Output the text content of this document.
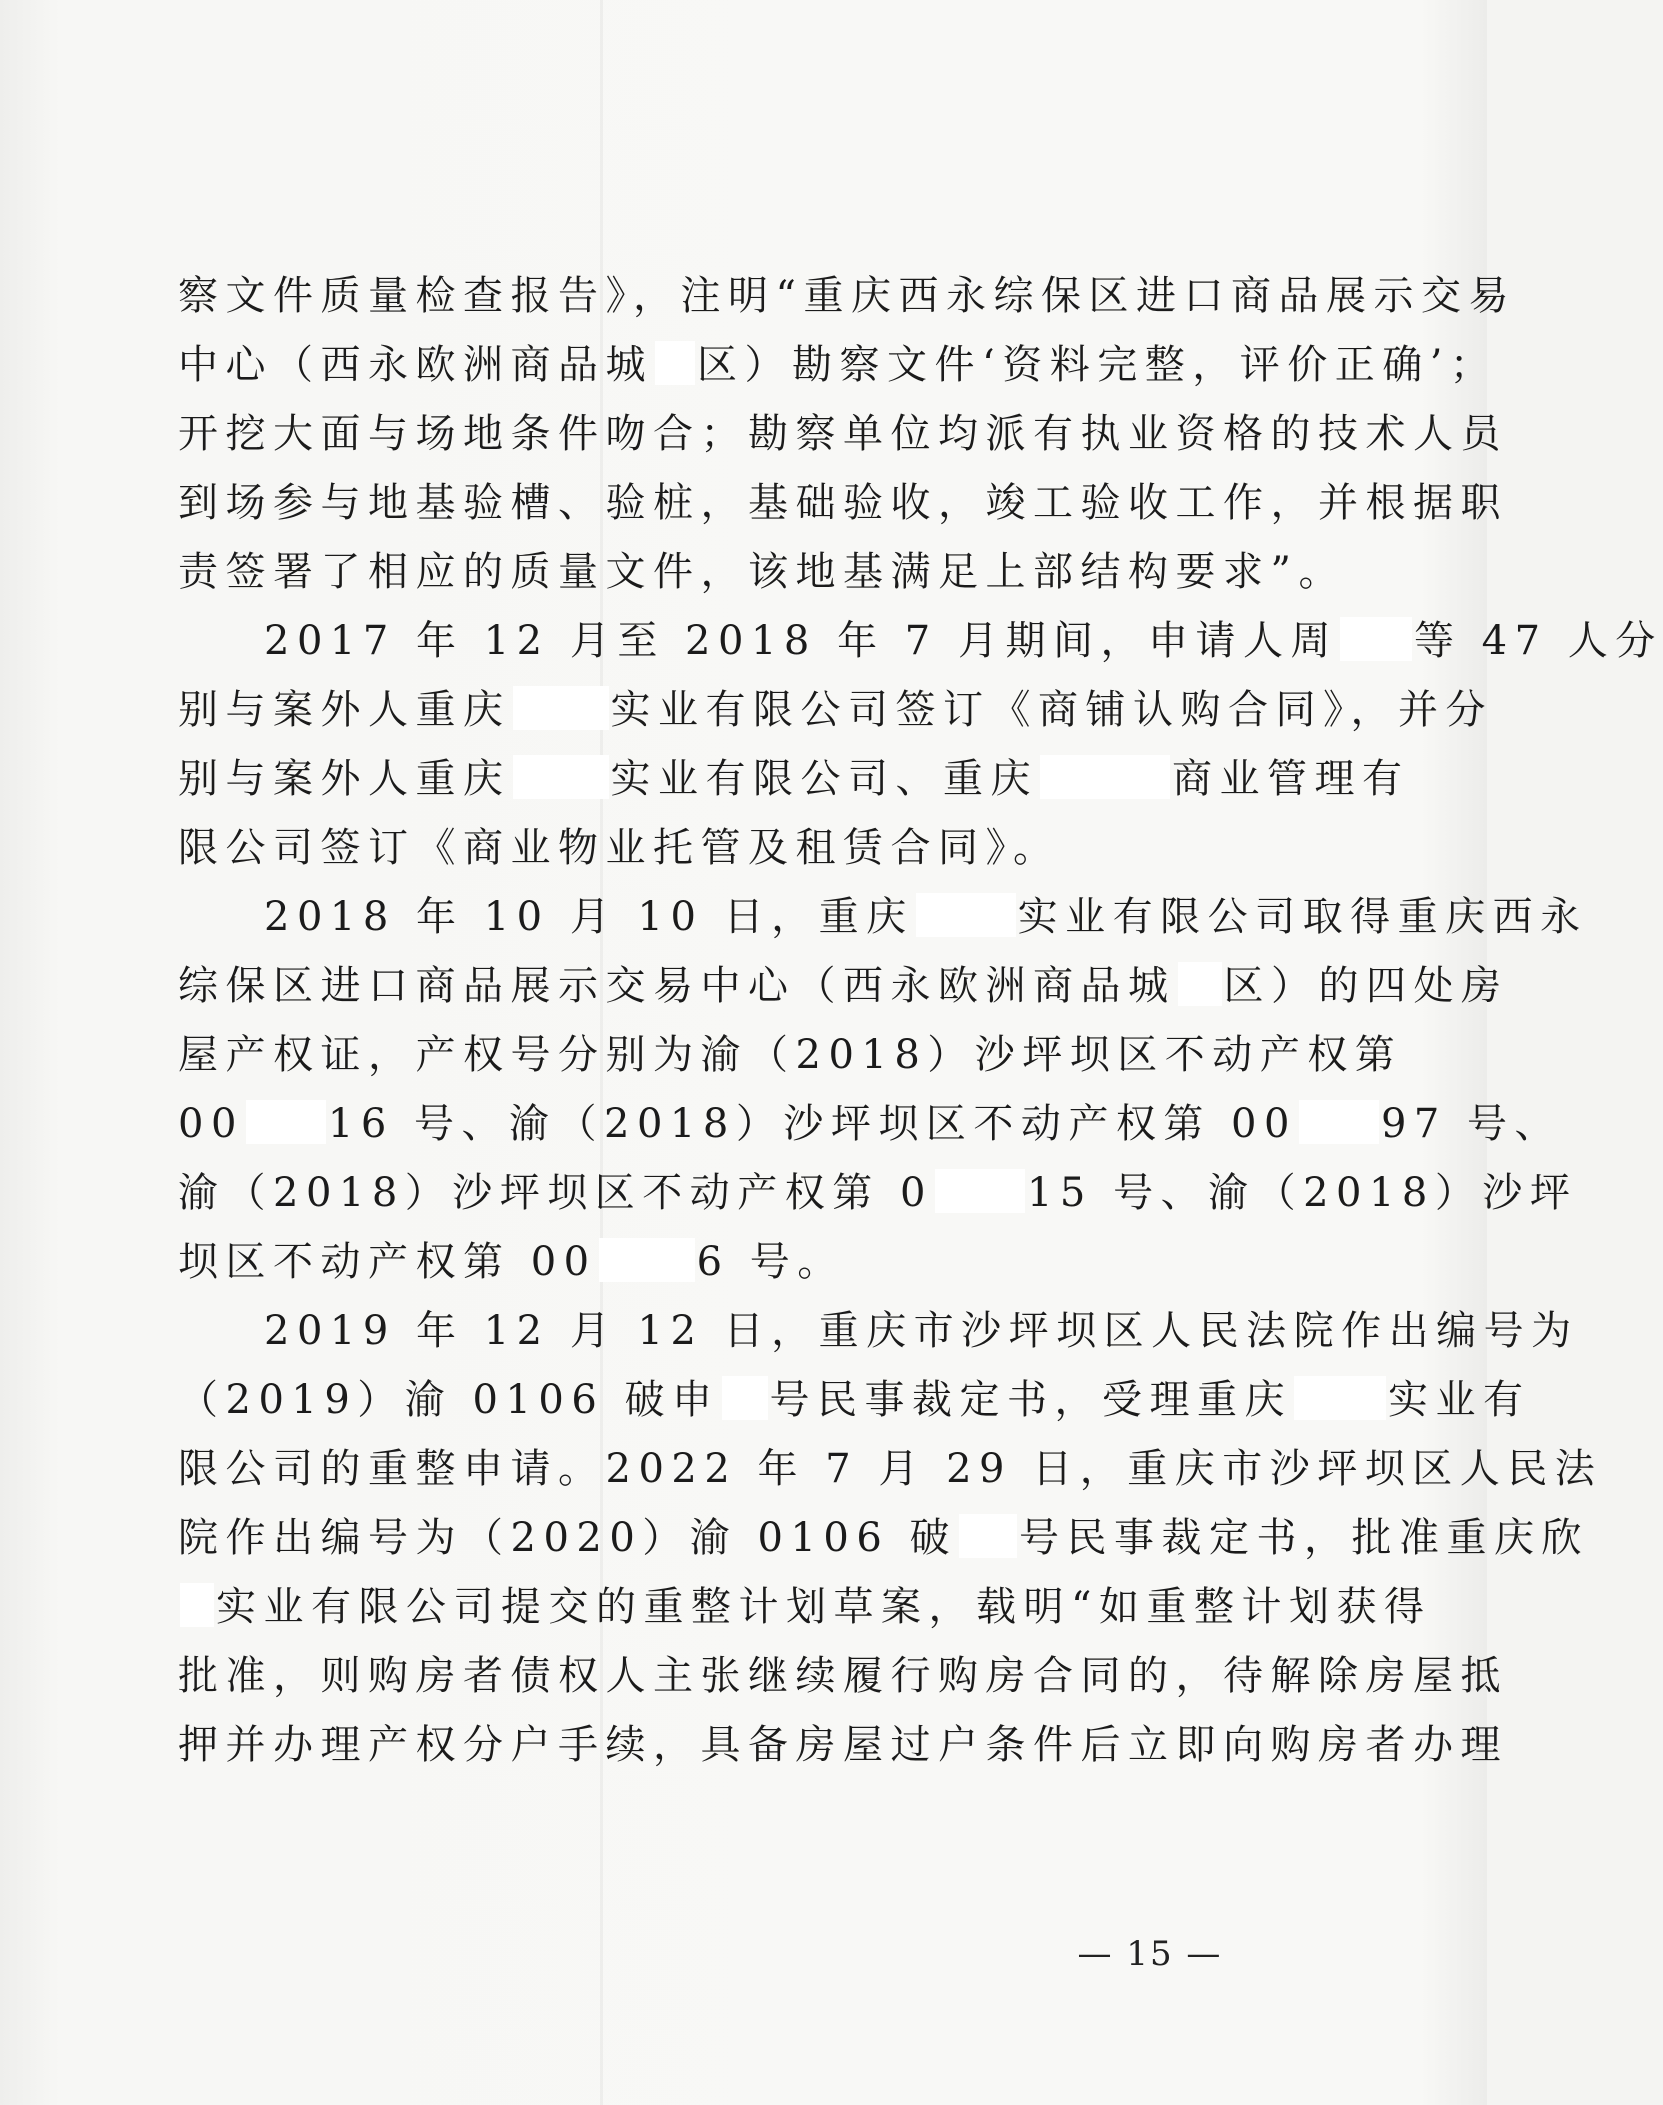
察文件质量检查报告》，注明“重庆西永综保区进口商品展示交易
中心（西永欧洲商品城 区）勘察文件‘资料完整，评价正确’；
开挖大面与场地条件吻合；勘察单位均派有执业资格的技术人员
到场参与地基验槽、验桩，基础验收，竣工验收工作，并根据职
责签署了相应的质量文件，该地基满足上部结构要求”。
2017 年 12 月至 2018 年 7 月期间，申请人周 等 47 人分
别与案外人重庆	实业有限公司签订《商铺认购合同》，并分
别与案外人重庆	实业有限公司、重庆	商业管理有
限公司签订《商业物业托管及租赁合同》。
2018 年 10 月 10 日，重庆	实业有限公司取得重庆西永
综保区进口商品展示交易中心（西永欧洲商品城 区）的四处房
屋产权证，产权号分别为渝（2018）沙坪坝区不动产权第
00 16 号、渝（2018）沙坪坝区不动产权第 00 97 号、
渝（2018）沙坪坝区不动产权第 0 15 号、渝（2018）沙坪
坝区不动产权第 00	6 号。
2019 年 12 月 12 日，重庆市沙坪坝区人民法院作出编号为
（2019）渝 0106 破申 号民事裁定书，受理重庆 实业有
限公司的重整申请。2022 年 7 月 29 日，重庆市沙坪坝区人民法
院作出编号为（2020）渝 0106 破 号民事裁定书，批准重庆欣
实业有限公司提交的重整计划草案，载明“如重整计划获得
批准，则购房者债权人主张继续履行购房合同的，待解除房屋抵
押并办理产权分户手续，具备房屋过户条件后立即向购房者办理
— 15 —
